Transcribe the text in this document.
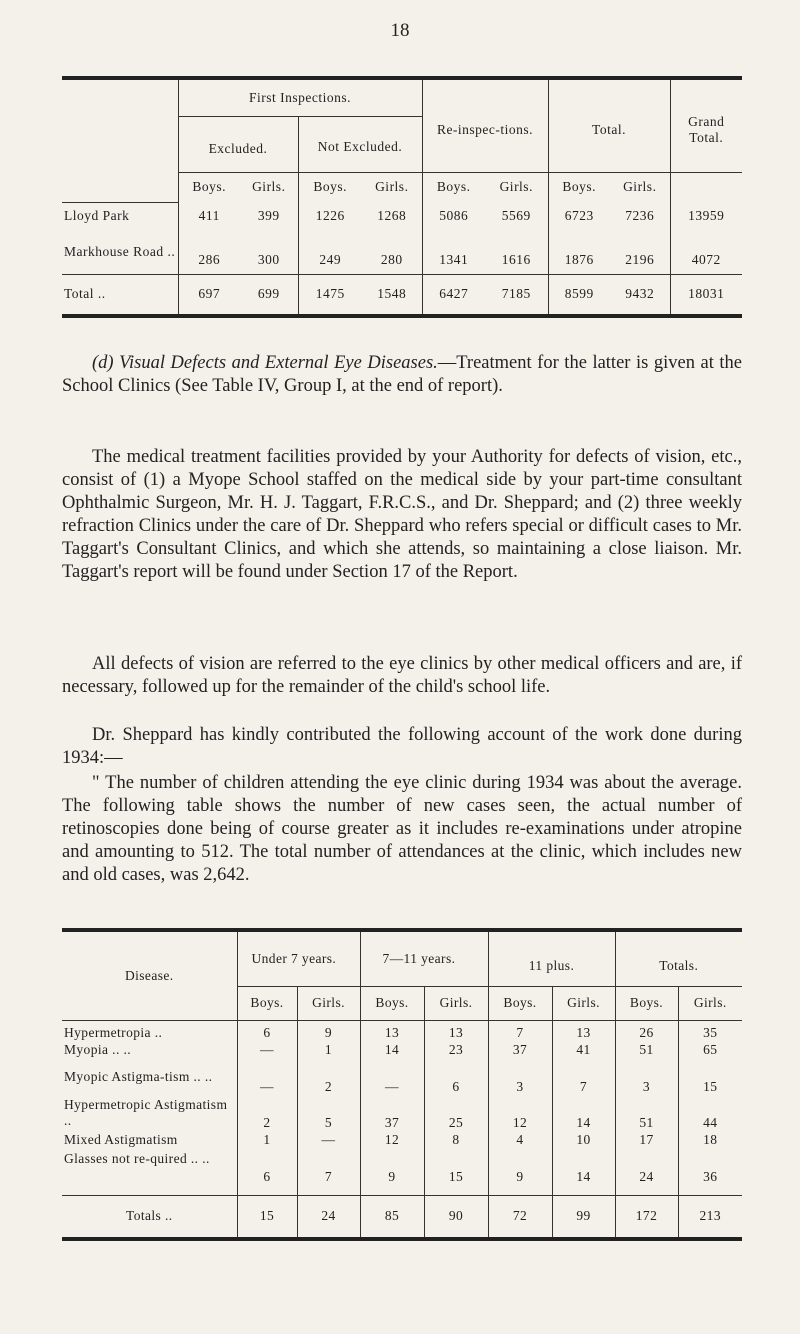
18
	First Inspections.				Re-inspec-tions.		Total.		Grand Total.
	Excluded.		Not Excluded.						
	Boys.	Girls.	Boys.	Girls.	Boys.	Girls.	Boys.	Girls.	
Lloyd Park	411	399	1226	1268	5086	5569	6723	7236	13959
Markhouse Road ..	286	300	249	280	1341	1616	1876	2196	4072
Total ..	697	699	1475	1548	6427	7185	8599	9432	18031

(d) Visual Defects and External Eye Diseases.—Treatment for the latter is given at the School Clinics (See Table IV, Group I, at the end of report).

The medical treatment facilities provided by your Authority for defects of vision, etc., consist of (1) a Myope School staffed on the medical side by your part-time consultant Ophthalmic Surgeon, Mr. H. J. Taggart, F.R.C.S., and Dr. Sheppard; and (2) three weekly refraction Clinics under the care of Dr. Sheppard who refers special or difficult cases to Mr. Taggart's Consultant Clinics, and which she attends, so maintaining a close liaison. Mr. Taggart's report will be found under Section 17 of the Report.

All defects of vision are referred to the eye clinics by other medical officers and are, if necessary, followed up for the remainder of the child's school life.

Dr. Sheppard has kindly contributed the following account of the work done during 1934:—

" The number of children attending the eye clinic during 1934 was about the average. The following table shows the number of new cases seen, the actual number of retinoscopies done being of course greater as it includes re-examinations under atropine and amounting to 512. The total number of attendances at the clinic, which includes new and old cases, was 2,642.

Disease.	Under 7 years.		7—11 years.		11 plus.		Totals.	
	Boys.	Girls.	Boys.	Girls.	Boys.	Girls.	Boys.	Girls.
Hypermetropia ..	6	9	13	13	7	13	26	35
Myopia .. ..	—	1	14	23	37	41	51	65
Myopic Astigma-tism .. ..	—	2	—	6	3	7	3	15
Hypermetropic Astigmatism ..	2	5	37	25	12	14	51	44
Mixed Astigmatism	1	—	12	8	4	10	17	18
Glasses not re-quired .. ..	6	7	9	15	9	14	24	36
Totals ..	15	24	85	90	72	99	172	213
